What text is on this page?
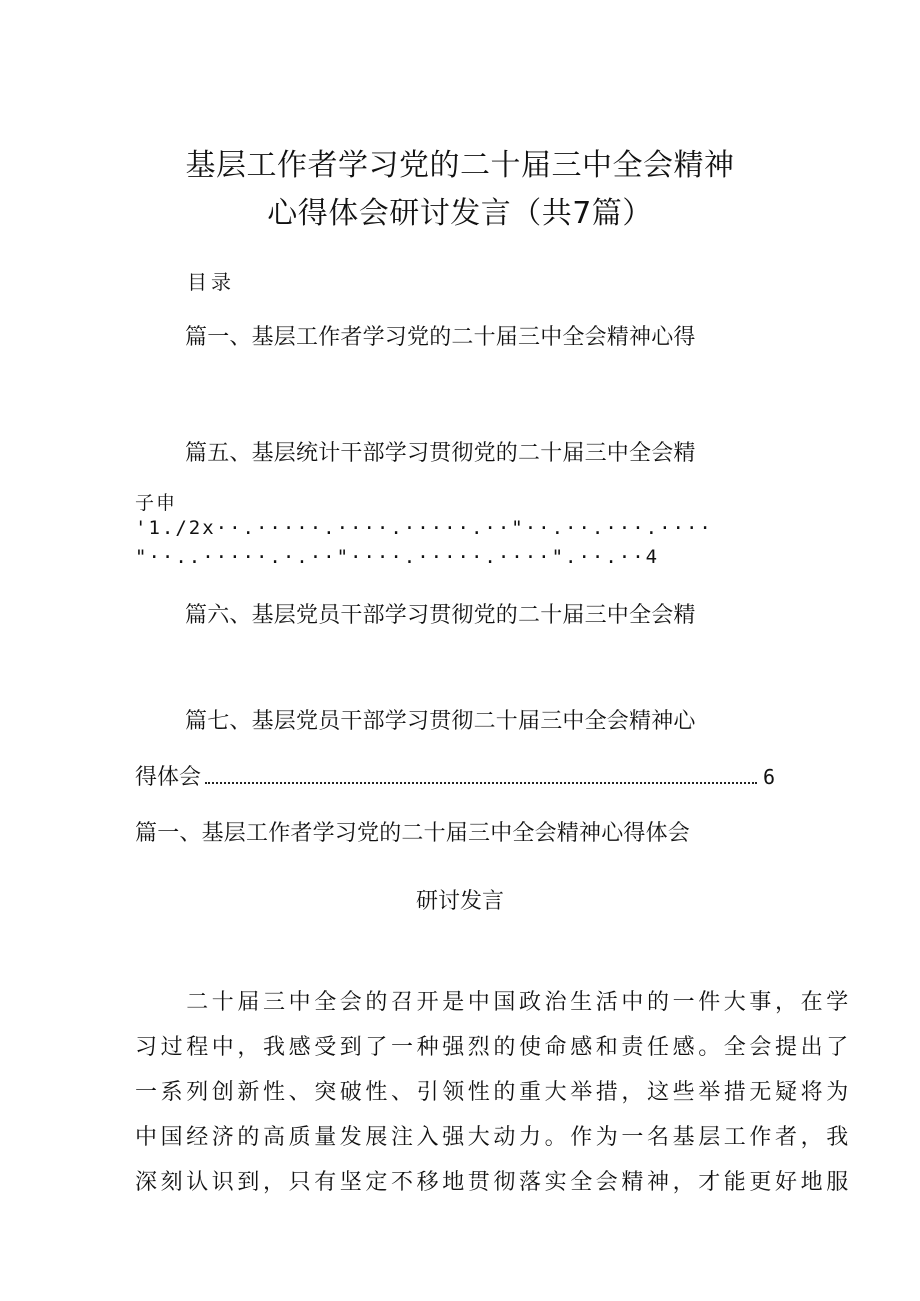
基层工作者学习党的二十届三中全会精神
心得体会研讨发言（共7篇）
目录
篇一、基层工作者学习党的二十届三中全会精神心得
篇五、基层统计干部学习贯彻党的二十届三中全会精
子申
'1./2x··.·····.····.·····.··"··.··.···.····
"··..·····.·.··"····.·····.····".··.··4
篇六、基层党员干部学习贯彻党的二十届三中全会精
篇七、基层党员干部学习贯彻二十届三中全会精神心
得体会	6
篇一、基层工作者学习党的二十届三中全会精神心得体会
研讨发言
　　二十届三中全会的召开是中国政治生活中的一件大事，在学
习过程中，我感受到了一种强烈的使命感和责任感。全会提出了
一系列创新性、突破性、引领性的重大举措，这些举措无疑将为
中国经济的高质量发展注入强大动力。作为一名基层工作者，我
深刻认识到，只有坚定不移地贯彻落实全会精神，才能更好地服
